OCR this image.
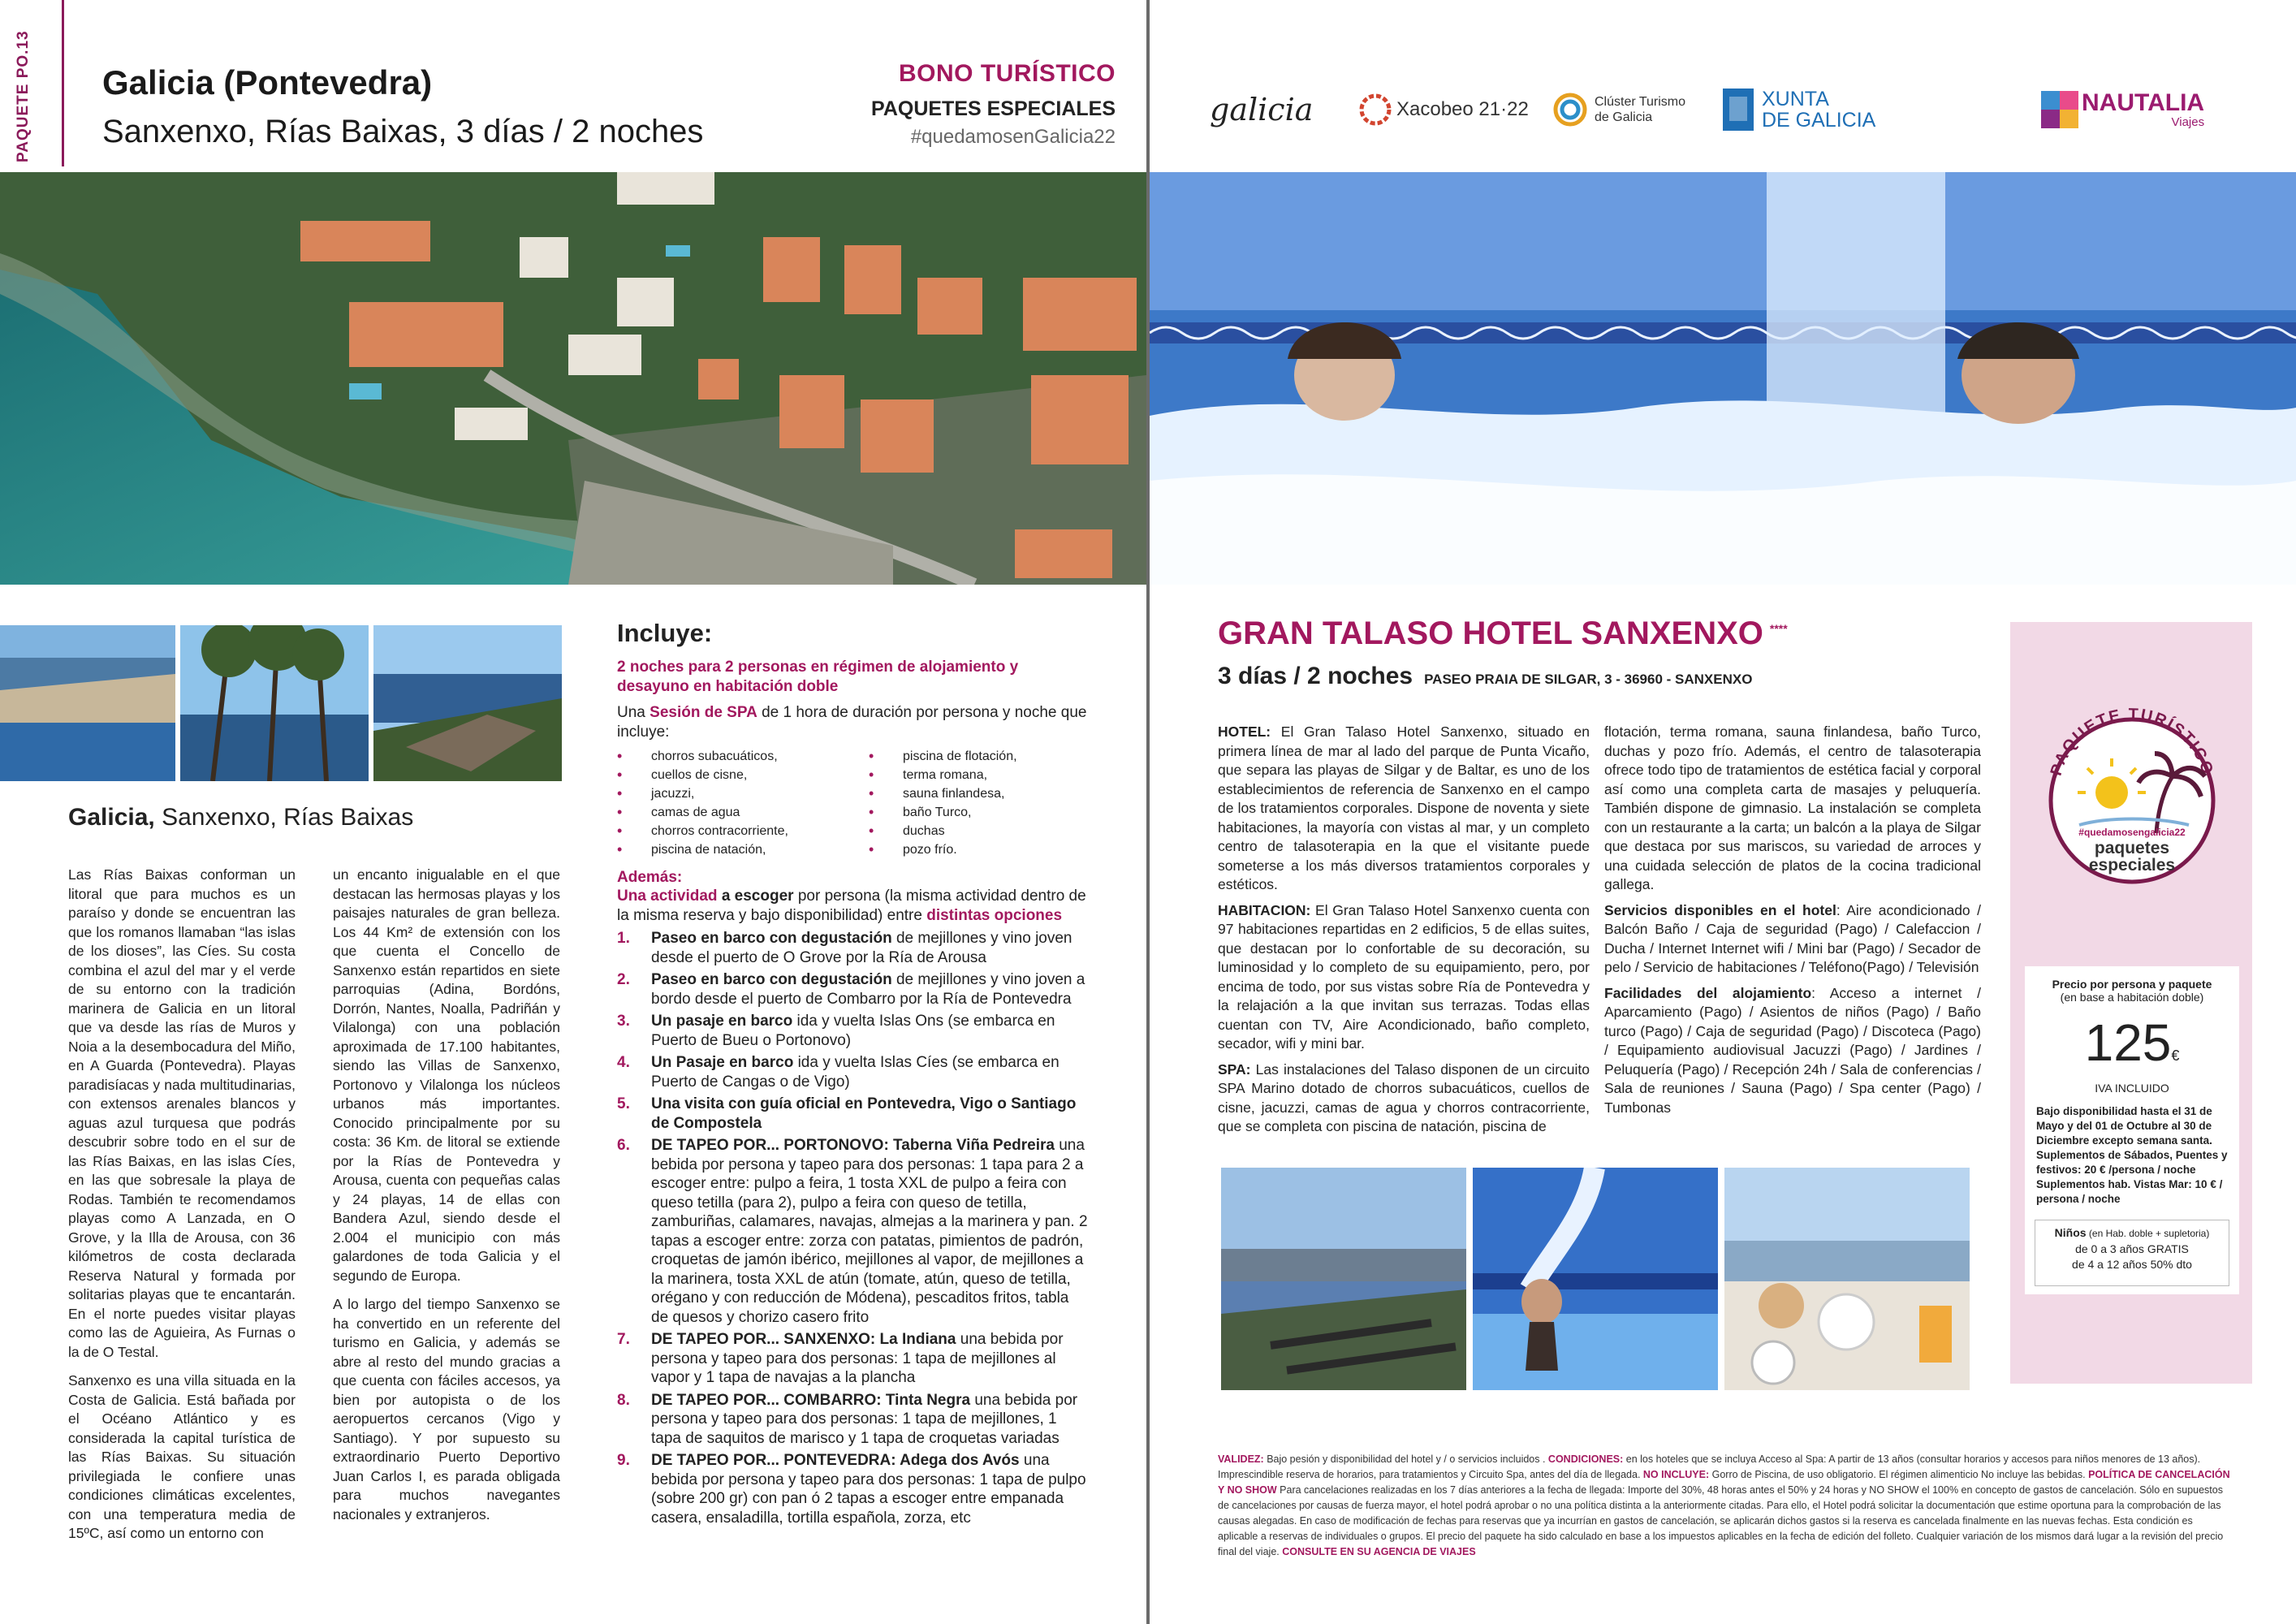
PAQUETE PO.13 Galicia (Pontevedra)
Sanxenxo, Rías Baixas, 3 días / 2 noches
BONO TURÍSTICO
PAQUETES ESPECIALES
#quedamosenGalicia22
Galicia, Sanxenxo, Rías Baixas

Las Rías Baixas conforman un litoral que para muchos es un paraíso y donde se encuentran las que los romanos llamaban “las islas de los dioses”, las Cíes. Su costa combina el azul del mar y el verde de su entorno con la tradición marinera de Galicia en un litoral que va desde las rías de Muros y Noia a la desembocadura del Miño, en A Guarda (Pontevedra). Playas paradisíacas y nada multitudinarias, con extensos arenales blancos y aguas azul turquesa que podrás descubrir sobre todo en el sur de las Rías Baixas, en las islas Cíes, en las que sobresale la playa de Rodas. También te recomendamos playas como A Lanzada, en O Grove, y la Illa de Arousa, con 36 kilómetros de costa declarada Reserva Natural y formada por solitarias playas que te encantarán. En el norte puedes visitar playas como las de Aguieira, As Furnas o la de O Testal.

Sanxenxo es una villa situada en la Costa de Galicia. Está bañada por el Océano Atlántico y es considerada la capital turística de las Rías Baixas. Su situación privilegiada le confiere unas condiciones climáticas excelentes, con una temperatura media de 15ºC, así como un entorno con

un encanto inigualable en el que destacan las hermosas playas y los paisajes naturales de gran belleza. Los 44 Km² de extensión con los que cuenta el Concello de Sanxenxo están repartidos en siete parroquias (Adina, Bordóns, Dorrón, Nantes, Noalla, Padriñán y Vilalonga) con una población aproximada de 17.100 habitantes, siendo las Villas de Sanxenxo, Portonovo y Vilalonga los núcleos urbanos más importantes. Conocido principalmente por su costa: 36 Km. de litoral se extiende por la Rías de Pontevedra y Arousa, cuenta con pequeñas calas y 24 playas, 14 de ellas con Bandera Azul, siendo desde el 2.004 el municipio con más galardones de toda Galicia y el segundo de Europa.

A lo largo del tiempo Sanxenxo se ha convertido en un referente del turismo en Galicia, y además se abre al resto del mundo gracias a que cuenta con fáciles accesos, ya bien por autopista o de los aeropuertos cercanos (Vigo y Santiago). Y por supuesto su extraordinario Puerto Deportivo Juan Carlos I, es parada obligada para muchos navegantes nacionales y extranjeros.

Incluye:
2 noches para 2 personas en régimen de alojamiento y desayuno en habitación doble
Una Sesión de SPA de 1 hora de duración por persona y noche que incluye:
• chorros subacuáticos,	• piscina de flotación,
• cuellos de cisne,	• terma romana,
• jacuzzi,	• sauna finlandesa,
• camas de agua	• baño Turco,
• chorros contracorriente,	• duchas
• piscina de natación,	• pozo frío.
Además:
Una actividad a escoger por persona (la misma actividad dentro de la misma reserva y bajo disponibilidad) entre distintas opciones
1.	Paseo en barco con degustación de mejillones y vino joven desde el puerto de O Grove por la Ría de Arousa
2.	Paseo en barco con degustación de mejillones y vino joven a bordo desde el puerto de Combarro por la Ría de Pontevedra
3.	Un pasaje en barco ida y vuelta Islas Ons (se embarca en Puerto de Bueu o Portonovo)
4.	Un Pasaje en barco ida y vuelta Islas Cíes (se embarca en Puerto de Cangas o de Vigo)
5.	Una visita con guía oficial en Pontevedra, Vigo o Santiago de Compostela
6.	DE TAPEO POR... PORTONOVO: Taberna Viña Pedreira una bebida por persona y tapeo para dos personas: 1 tapa para 2 a escoger entre: pulpo a feira, 1 tosta XXL de pulpo a feira con queso tetilla (para 2), pulpo a feira con queso de tetilla, zamburiñas, calamares, navajas, almejas a la marinera y pan. 2 tapas a escoger entre: zorza con patatas, pimientos de padrón, croquetas de jamón ibérico, mejillones al vapor, de mejillones a la marinera, tosta XXL de atún (tomate, atún, queso de tetilla, orégano y con reducción de Módena), pescaditos fritos, tabla de quesos y chorizo casero frito
7.	DE TAPEO POR... SANXENXO: La Indiana una bebida por persona y tapeo para dos personas: 1 tapa de mejillones al vapor y 1 tapa de navajas a la plancha
8.	DE TAPEO POR... COMBARRO: Tinta Negra una bebida por persona y tapeo para dos personas: 1 tapa de mejillones, 1 tapa de saquitos de marisco y 1 tapa de croquetas variadas
9.	DE TAPEO POR... PONTEVEDRA: Adega dos Avós una bebida por persona y tapeo para dos personas: 1 tapa de pulpo (sobre 200 gr) con pan ó 2 tapas a escoger entre empanada casera, ensaladilla, tortilla española, zorza, etc
galicia	Xacobeo 21·22	Clúster Turismo
de Galicia
XUNTA
DE GALICIA
NAUTALIA
Viajes
GRAN TALASO HOTEL SANXENXO ****
3 días / 2 noches PASEO PRAIA DE SILGAR, 3 - 36960 - SANXENXO

HOTEL: El Gran Talaso Hotel Sanxenxo, situado en primera línea de mar al lado del parque de Punta Vicaño, que separa las playas de Silgar y de Baltar, es uno de los establecimientos de referencia de Sanxenxo en el campo de los tratamientos corporales. Dispone de noventa y siete habitaciones, la mayoría con vistas al mar, y un completo centro de talasoterapia en la que el visitante puede someterse a los más diversos tratamientos corporales y estéticos.

HABITACION: El Gran Talaso Hotel Sanxenxo cuenta con 97 habitaciones repartidas en 2 edificios, 5 de ellas suites, que destacan por lo confortable de su decoración, su luminosidad y lo completo de su equipamiento, pero, por encima de todo, por sus vistas sobre Ría de Pontevedra y la relajación a la que invitan sus terrazas. Todas ellas cuentan con TV, Aire Acondicionado, baño completo, secador, wifi y mini bar.

SPA: Las instalaciones del Talaso disponen de un circuito SPA Marino dotado de chorros subacuáticos, cuellos de cisne, jacuzzi, camas de agua y chorros contracorriente, que se completa con piscina de natación, piscina de

flotación, terma romana, sauna finlandesa, baño Turco, duchas y pozo frío. Además, el centro de talasoterapia ofrece todo tipo de tratamientos de estética facial y corporal así como una completa carta de masajes y peluquería. También dispone de gimnasio. La instalación se completa con un restaurante a la carta; un balcón a la playa de Silgar que destaca por sus mariscos, su variedad de arroces y una cuidada selección de platos de la cocina tradicional gallega.

Servicios disponibles en el hotel: Aire acondicionado / Balcón Baño / Caja de seguridad (Pago) / Calefaccion / Ducha / Internet Internet wifi / Mini bar (Pago) / Secador de pelo / Servicio de habitaciones / Teléfono(Pago) / Televisión

Facilidades del alojamiento: Acceso a internet / Aparcamiento (Pago) / Asientos de niños (Pago) / Baño turco (Pago) / Caja de seguridad (Pago) / Discoteca (Pago) / Equipamiento audiovisual Jacuzzi (Pago) / Jardines / Peluquería (Pago) / Recepción 24h / Sala de conferencias / Sala de reuniones / Sauna (Pago) / Spa center (Pago) / Tumbonas

PAQUETE TURÍSTICO
#quedamosengalicia22
paquetes
especiales
Precio por persona y paquete
(en base a habitación doble)
125€
IVA INCLUIDO
Bajo disponibilidad hasta el 31 de Mayo y del 01 de Octubre al 30 de Diciembre excepto semana santa. Suplementos de Sábados, Puentes y festivos: 20 € /persona / noche Suplementos hab. Vistas Mar: 10 € / persona / noche
Niños (en Hab. doble + supletoria)
de 0 a 3 años GRATIS
de 4 a 12 años 50% dto
VALIDEZ: Bajo pesión y disponibilidad del hotel y / o servicios incluidos . CONDICIONES: en los hoteles que se incluya Acceso al Spa: A partir de 13 años (consultar horarios y accesos para niños menores de 13 años). Imprescindible reserva de horarios, para tratamientos y Circuito Spa, antes del día de llegada. NO INCLUYE: Gorro de Piscina, de uso obligatorio. El régimen alimenticio No incluye las bebidas. POLÍTICA DE CANCELACIÓN Y NO SHOW Para cancelaciones realizadas en los 7 días anteriores a la fecha de llegada: Importe del 30%, 48 horas antes el 50% y 24 horas y NO SHOW el 100% en concepto de gastos de cancelación. Sólo en supuestos de cancelaciones por causas de fuerza mayor, el hotel podrá aprobar o no una política distinta a la anteriormente citadas. Para ello, el Hotel podrá solicitar la documentación que estime oportuna para la comprobación de las causas alegadas. En caso de modificación de fechas para reservas que ya incurrían en gastos de cancelación, se aplicarán dichos gastos si la reserva es cancelada finalmente en las nuevas fechas. Esta condición es aplicable a reservas de individuales o grupos. El precio del paquete ha sido calculado en base a los impuestos aplicables en la fecha de edición del folleto. Cualquier variación de los mismos dará lugar a la revisión del precio final del viaje. CONSULTE EN SU AGENCIA DE VIAJES
